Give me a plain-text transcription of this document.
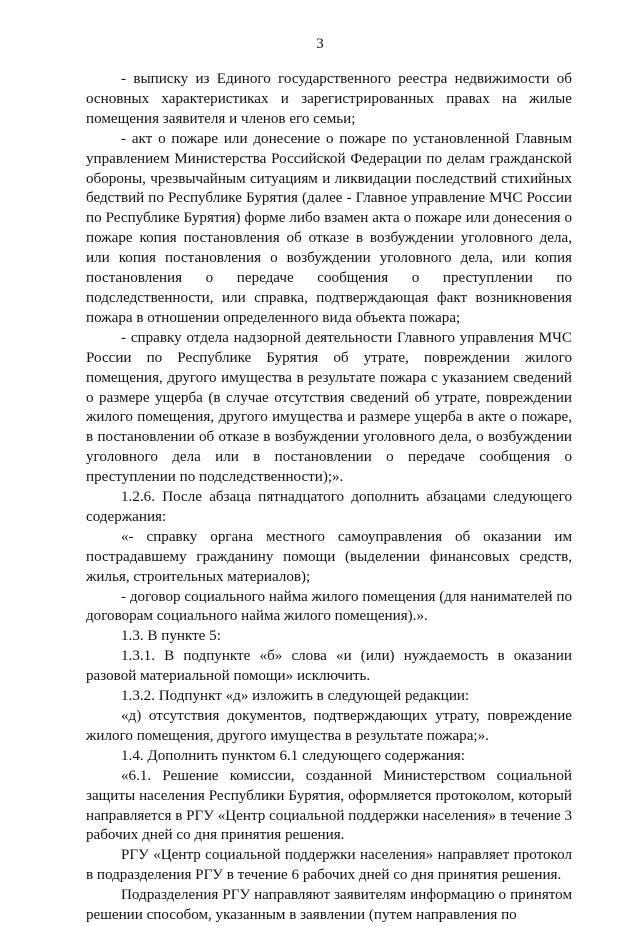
3

- выписку из Единого государственного реестра недвижимости об основных характеристиках и зарегистрированных правах на жилые помещения заявителя и членов его семьи;

- акт о пожаре или донесение о пожаре по установленной Главным управлением Министерства Российской Федерации по делам гражданской обороны, чрезвычайным ситуациям и ликвидации последствий стихийных бедствий по Республике Бурятия (далее - Главное управление МЧС России по Республике Бурятия) форме либо взамен акта о пожаре или донесения о пожаре копия постановления об отказе в возбуждении уголовного дела, или копия постановления о возбуждении уголовного дела, или копия постановления о передаче сообщения о преступлении по подследственности, или справка, подтверждающая факт возникновения пожара в отношении определенного вида объекта пожара;

- справку отдела надзорной деятельности Главного управления МЧС России по Республике Бурятия об утрате, повреждении жилого помещения, другого имущества в результате пожара с указанием сведений о размере ущерба (в случае отсутствия сведений об утрате, повреждении жилого помещения, другого имущества и размере ущерба в акте о пожаре, в постановлении об отказе в возбуждении уголовного дела, о возбуждении уголовного дела или в постановлении о передаче сообщения о преступлении по подследственности);».

1.2.6. После абзаца пятнадцатого дополнить абзацами следующего содержания:

«- справку органа местного самоуправления об оказании им пострадавшему гражданину помощи (выделении финансовых средств, жилья, строительных материалов);

- договор социального найма жилого помещения (для нанимателей по договорам социального найма жилого помещения).».

1.3. В пункте 5:

1.3.1. В подпункте «б» слова «и (или) нуждаемость в оказании разовой материальной помощи» исключить.

1.3.2. Подпункт «д» изложить в следующей редакции:

«д) отсутствия документов, подтверждающих утрату, повреждение жилого помещения, другого имущества в результате пожара;».

1.4. Дополнить пунктом 6.1 следующего содержания:

«6.1. Решение комиссии, созданной Министерством социальной защиты населения Республики Бурятия, оформляется протоколом, который направляется в РГУ «Центр социальной поддержки населения» в течение 3 рабочих дней со дня принятия решения.

РГУ «Центр социальной поддержки населения» направляет протокол в подразделения РГУ в течение 6 рабочих дней со дня принятия решения.

Подразделения РГУ направляют заявителям информацию о принятом решении способом, указанным в заявлении (путем направления по
